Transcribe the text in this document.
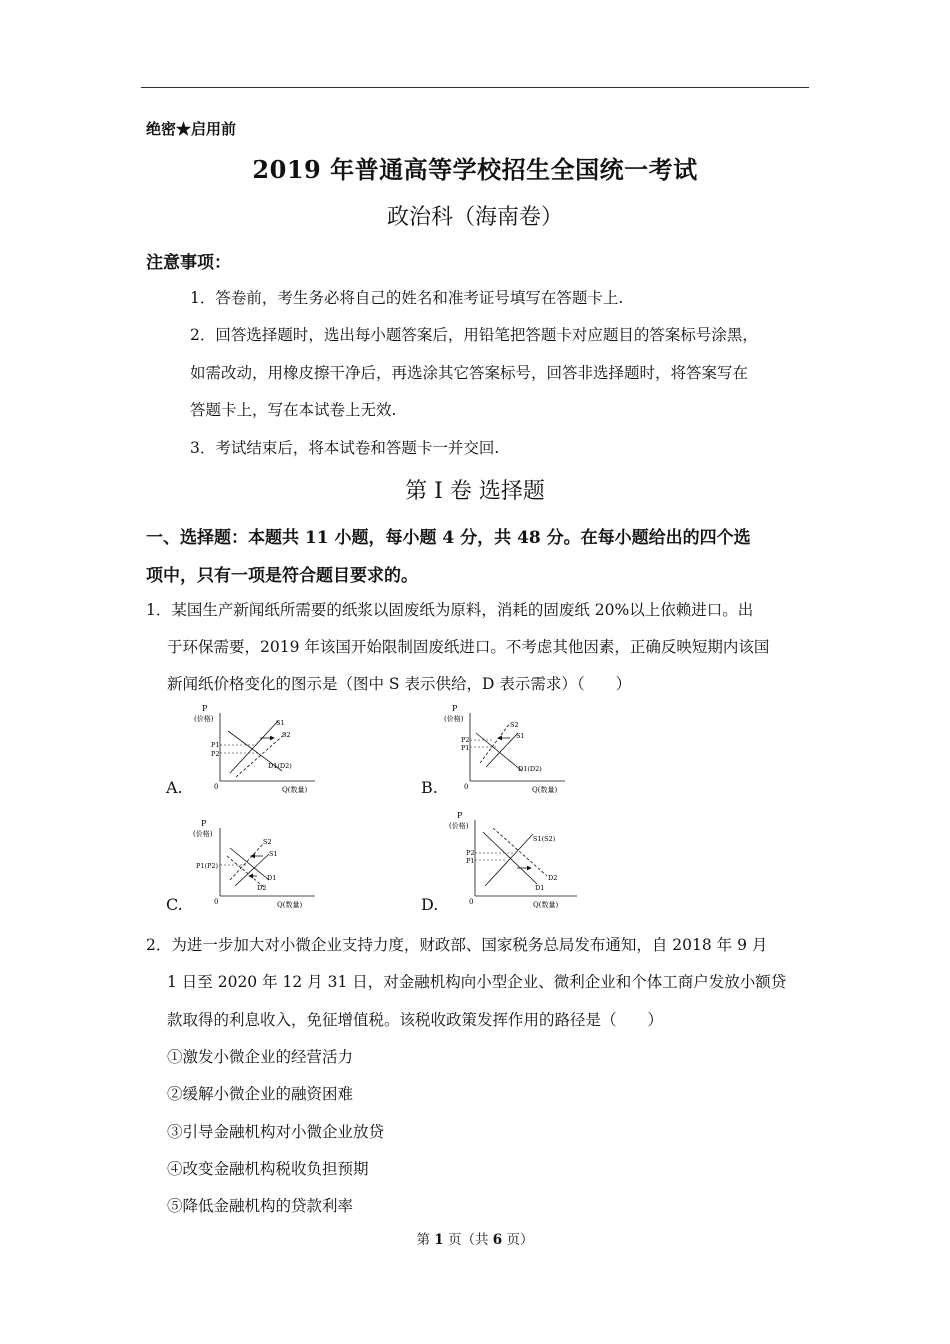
绝密★启用前
2019 年普通高等学校招生全国统一考试
政治科（海南卷）
注意事项：
1．答卷前，考生务必将自己的姓名和准考证号填写在答题卡上.
2．回答选择题时，选出每小题答案后，用铅笔把答题卡对应题目的答案标号涂黑，
如需改动，用橡皮擦干净后，再选涂其它答案标号，回答非选择题时，将答案写在
答题卡上，写在本试卷上无效.
3．考试结束后，将本试卷和答题卡一并交回.
第 I 卷 选择题
一、选择题：本题共 11 小题，每小题 4 分，共 48 分。在每小题给出的四个选
项中，只有一项是符合题目要求的。
1．某国生产新闻纸所需要的纸浆以固废纸为原料，消耗的固废纸 20%以上依赖进口。出
于环保需要，2019 年该国开始限制固废纸进口。不考虑其他因素，正确反映短期内该国
新闻纸价格变化的图示是（图中 S 表示供给，D 表示需求）（　　）
P
(价格)
0	Q(数量)
S1
S2
D1(D2)
P1
P2
A.
P
(价格)
0	Q(数量)
S2
S1
D1(D2)
P2
P1
B.
P
(价格)
0	Q(数量)
S2
S1
D1
D2
P1(P2)
C.
P
(价格)
0	Q(数量)
S1(S2)
D1
D2
P2
P1
D.
2．为进一步加大对小微企业支持力度，财政部、国家税务总局发布通知，自 2018 年 9 月
1 日至 2020 年 12 月 31 日，对金融机构向小型企业、微利企业和个体工商户发放小额贷
款取得的利息收入，免征增值税。该税收政策发挥作用的路径是（　　）
①激发小微企业的经营活力
②缓解小微企业的融资困难
③引导金融机构对小微企业放贷
④改变金融机构税收负担预期
⑤降低金融机构的贷款利率
第 1 页（共 6 页）
